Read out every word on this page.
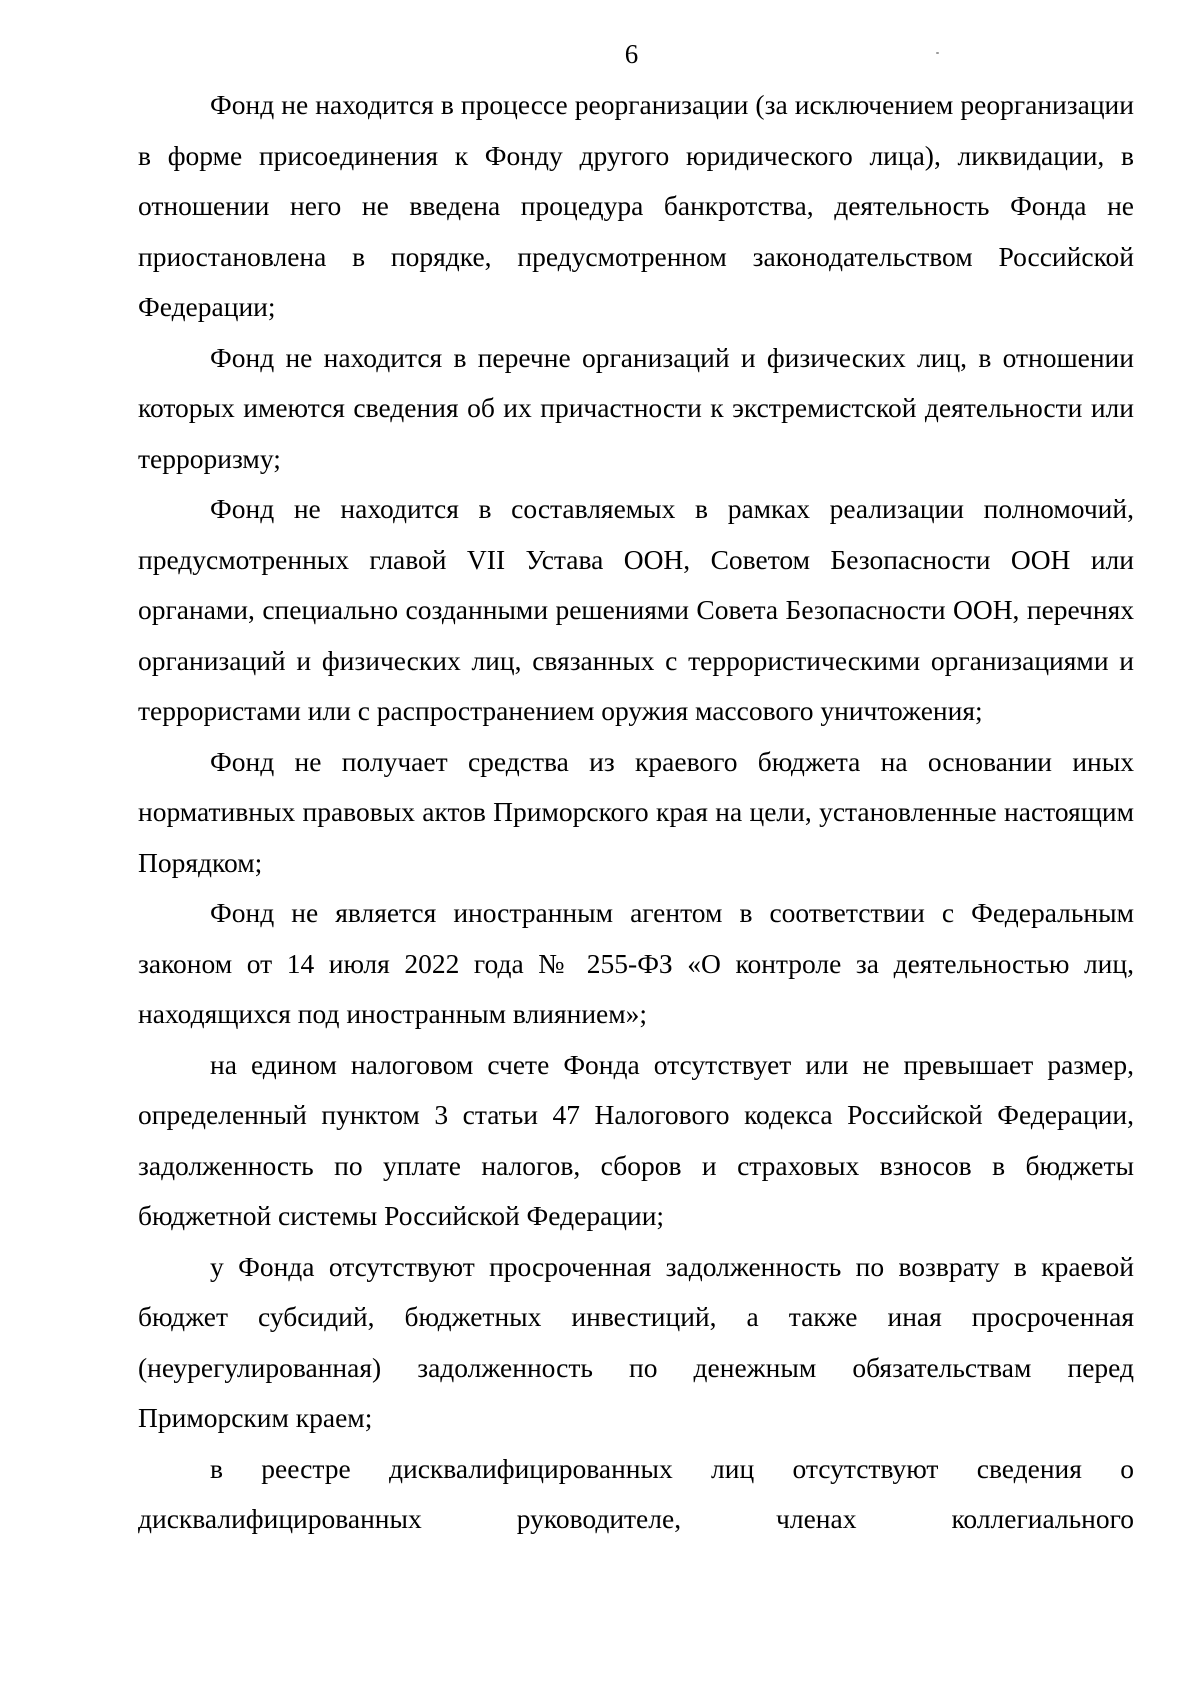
6

Фонд не находится в процессе реорганизации (за исключением реорганизации в форме присоединения к Фонду другого юридического лица), ликвидации, в отношении него не введена процедура банкротства, деятельность Фонда не приостановлена в порядке, предусмотренном законодательством Российской Федерации;

Фонд не находится в перечне организаций и физических лиц, в отношении которых имеются сведения об их причастности к экстремистской деятельности или терроризму;

Фонд не находится в составляемых в рамках реализации полномочий, предусмотренных главой VII Устава ООН, Советом Безопасности ООН или органами, специально созданными решениями Совета Безопасности ООН, перечнях организаций и физических лиц, связанных с террористическими организациями и террористами или с распространением оружия массового уничтожения;

Фонд не получает средства из краевого бюджета на основании иных нормативных правовых актов Приморского края на цели, установленные настоящим Порядком;

Фонд не является иностранным агентом в соответствии с Федеральным законом от 14 июля 2022 года № 255-ФЗ «О контроле за деятельностью лиц, находящихся под иностранным влиянием»;

на едином налоговом счете Фонда отсутствует или не превышает размер, определенный пунктом 3 статьи 47 Налогового кодекса Российской Федерации, задолженность по уплате налогов, сборов и страховых взносов в бюджеты бюджетной системы Российской Федерации;

у Фонда отсутствуют просроченная задолженность по возврату в краевой бюджет субсидий, бюджетных инвестиций, а также иная просроченная (неурегулированная) задолженность по денежным обязательствам перед Приморским краем;

в реестре дисквалифицированных лиц отсутствуют сведения о дисквалифицированных руководителе, членах коллегиального
